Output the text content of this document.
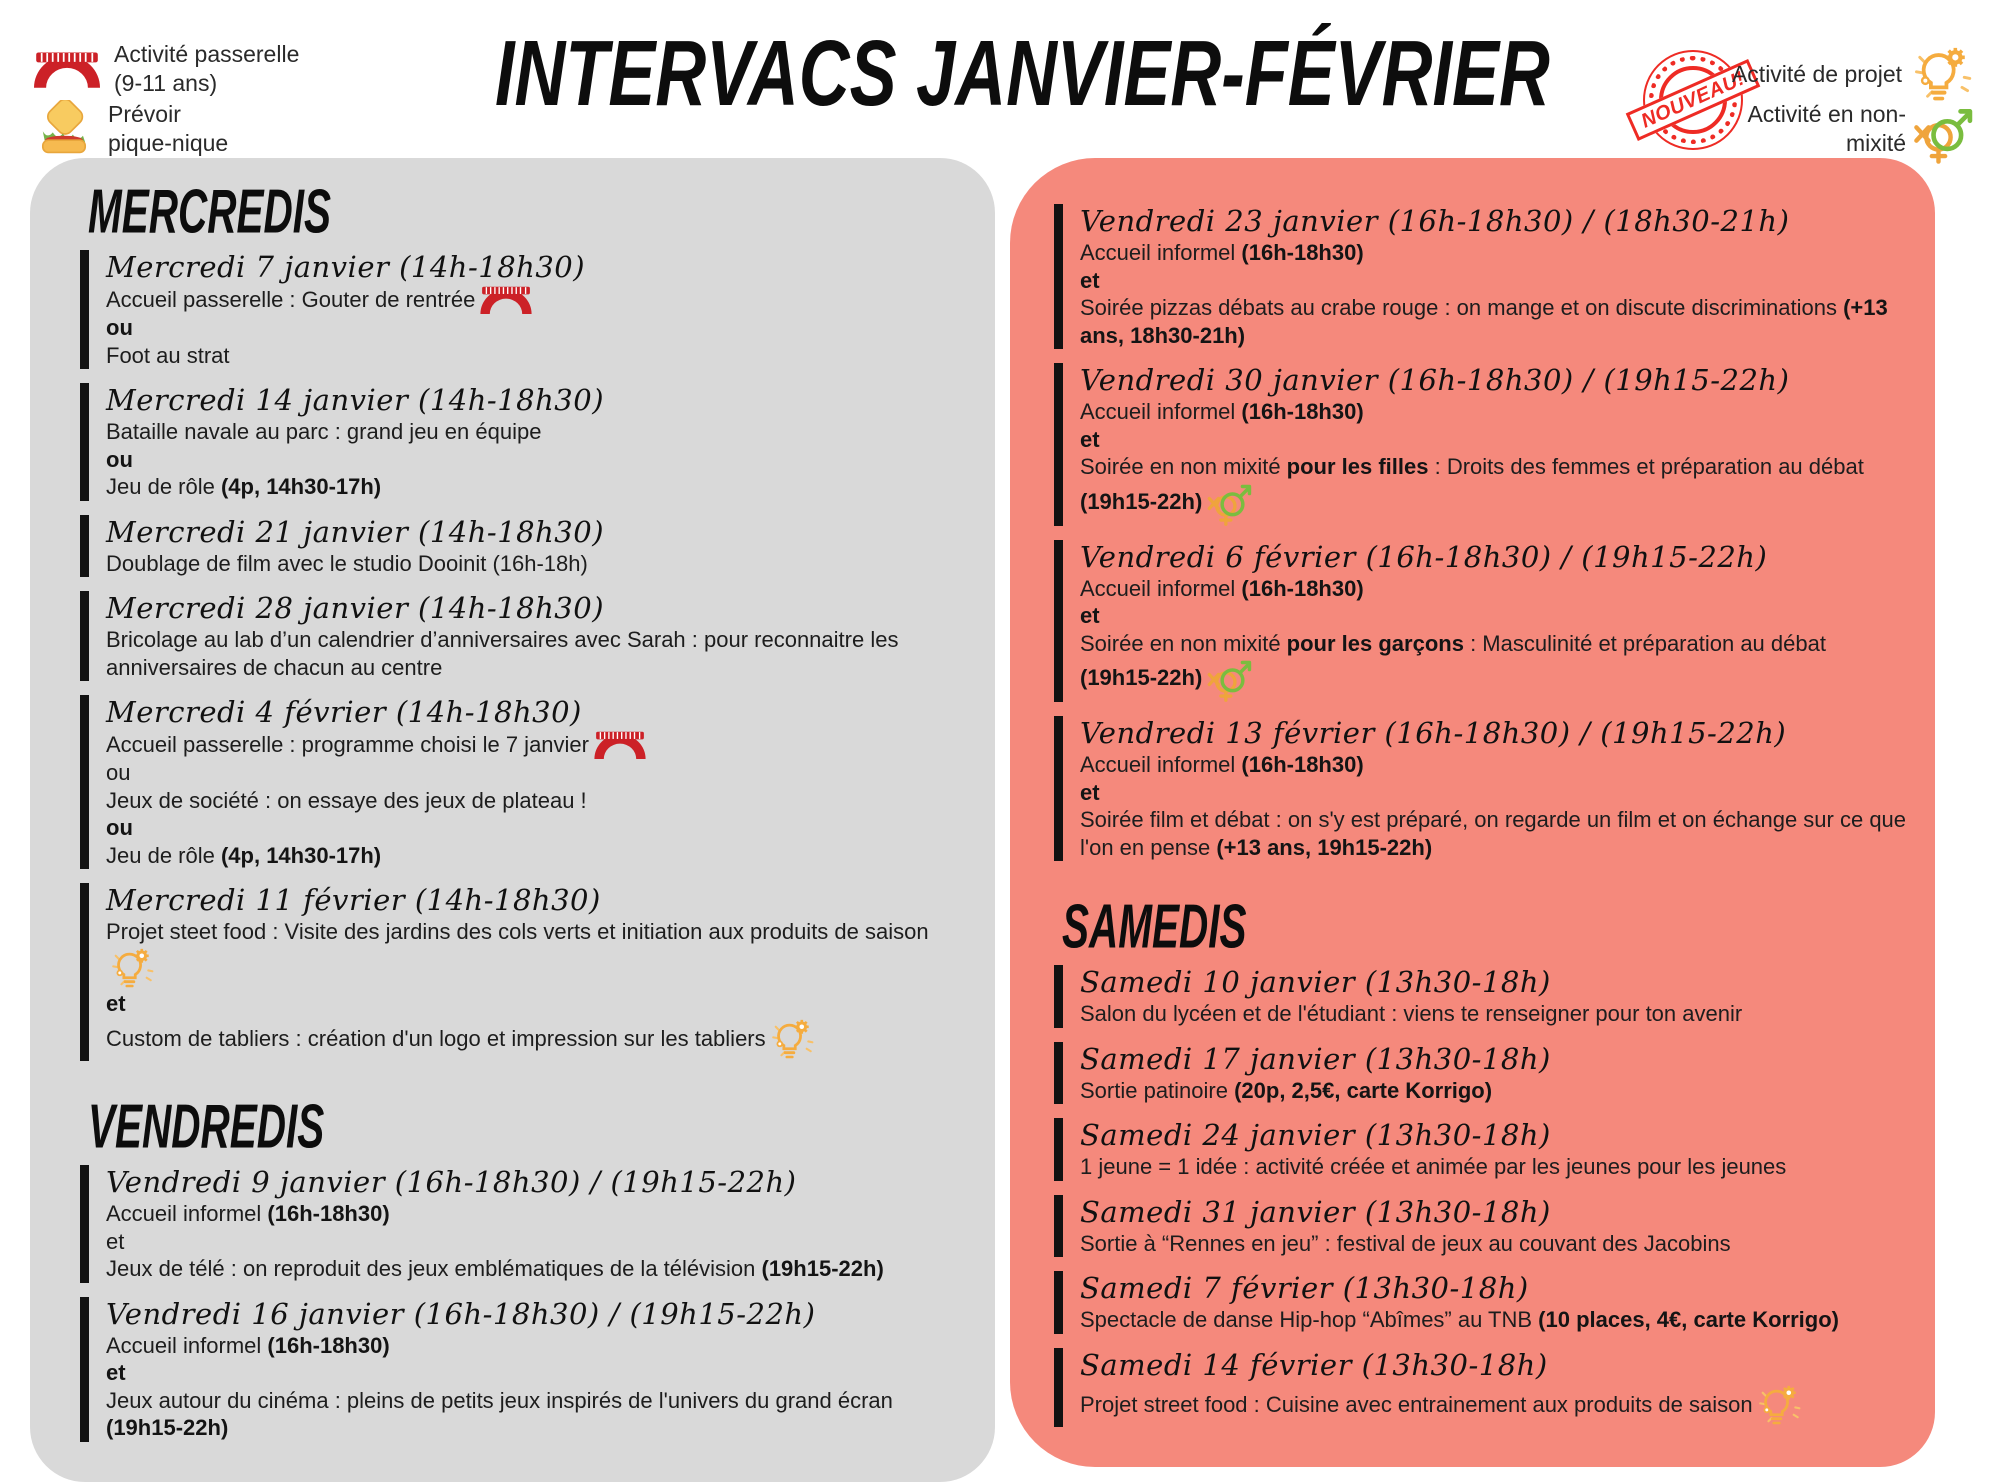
Activité passerelle
(9-11 ans)
Prévoir
pique-nique
INTERVACS JANVIER-FÉVRIER	NOUVEAU!
Activité de projet
Activité en non-
mixité
MERCREDIS
Mercredi 7 janvier (14h-18h30)
Accueil passerelle : Gouter de rentrée
ou
Foot au strat
Mercredi 14 janvier (14h-18h30)
Bataille navale au parc : grand jeu en équipe
ou
Jeu de rôle (4p, 14h30-17h)
Mercredi 21 janvier (14h-18h30)
Doublage de film avec le studio Dooinit (16h-18h)
Mercredi 28 janvier (14h-18h30)
Bricolage au lab d’un calendrier d’anniversaires avec Sarah : pour reconnaitre les anniversaires de chacun au centre
Mercredi 4 février (14h-18h30)
Accueil passerelle : programme choisi le 7 janvier
ou
Jeux de société : on essaye des jeux de plateau !
ou
Jeu de rôle (4p, 14h30-17h)
Mercredi 11 février (14h-18h30)
Projet steet food : Visite des jardins des cols verts et initiation aux produits de saison
et
Custom de tabliers : création d'un logo et impression sur les tabliers
VENDREDIS
Vendredi 9 janvier (16h-18h30) / (19h15-22h)
Accueil informel (16h-18h30)
et
Jeux de télé : on reproduit des jeux emblématiques de la télévision (19h15-22h)
Vendredi 16 janvier (16h-18h30) / (19h15-22h)
Accueil informel (16h-18h30)
et
Jeux autour du cinéma : pleins de petits jeux inspirés de l'univers du grand écran (19h15-22h)
Vendredi 23 janvier (16h-18h30) / (18h30-21h)
Accueil informel (16h-18h30)
et
Soirée pizzas débats au crabe rouge : on mange et on discute discriminations (+13 ans, 18h30-21h)
Vendredi 30 janvier (16h-18h30) / (19h15-22h)
Accueil informel (16h-18h30)
et
Soirée en non mixité pour les filles : Droits des femmes et préparation au débat (19h15-22h)
Vendredi 6 février (16h-18h30) / (19h15-22h)
Accueil informel (16h-18h30)
et
Soirée en non mixité pour les garçons : Masculinité et préparation au débat (19h15-22h)
Vendredi 13 février (16h-18h30) / (19h15-22h)
Accueil informel (16h-18h30)
et
Soirée film et débat : on s'y est préparé, on regarde un film et on échange sur ce que l'on en pense (+13 ans, 19h15-22h)
SAMEDIS
Samedi 10 janvier (13h30-18h)
Salon du lycéen et de l'étudiant : viens te renseigner pour ton avenir
Samedi 17 janvier (13h30-18h)
Sortie patinoire (20p, 2,5€, carte Korrigo)
Samedi 24 janvier (13h30-18h)
1 jeune = 1 idée : activité créée et animée par les jeunes pour les jeunes
Samedi 31 janvier (13h30-18h)
Sortie à “Rennes en jeu” : festival de jeux au couvant des Jacobins
Samedi 7 février (13h30-18h)
Spectacle de danse Hip-hop “Abîmes” au TNB (10 places, 4€, carte Korrigo)
Samedi 14 février (13h30-18h)
Projet street food : Cuisine avec entrainement aux produits de saison
